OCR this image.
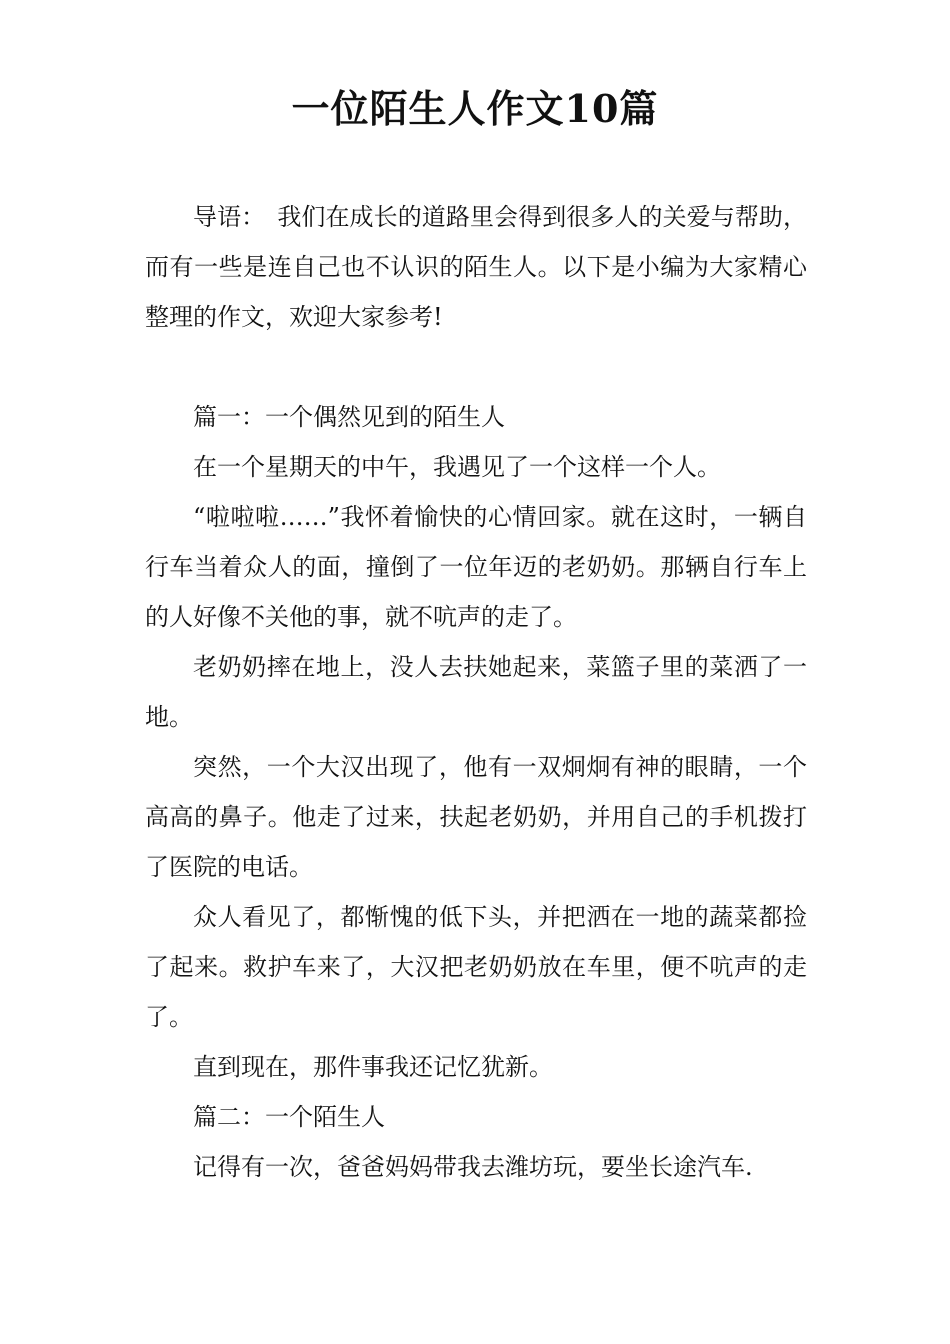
一位陌生人作文10篇

导语：　我们在成长的道路里会得到很多人的关爱与帮助，而有一些是连自己也不认识的陌生人。以下是小编为大家精心整理的作文，欢迎大家参考!

篇一：一个偶然见到的陌生人

在一个星期天的中午，我遇见了一个这样一个人。

“啦啦啦……”我怀着愉快的心情回家。就在这时，一辆自行车当着众人的面，撞倒了一位年迈的老奶奶。那辆自行车上的人好像不关他的事，就不吭声的走了。

老奶奶摔在地上，没人去扶她起来，菜篮子里的菜洒了一地。

突然，一个大汉出现了，他有一双炯炯有神的眼睛，一个高高的鼻子。他走了过来，扶起老奶奶，并用自己的手机拨打了医院的电话。

众人看见了，都惭愧的低下头，并把洒在一地的蔬菜都捡了起来。救护车来了，大汉把老奶奶放在车里，便不吭声的走了。

直到现在，那件事我还记忆犹新。

篇二：一个陌生人

记得有一次，爸爸妈妈带我去潍坊玩，要坐长途汽车.
